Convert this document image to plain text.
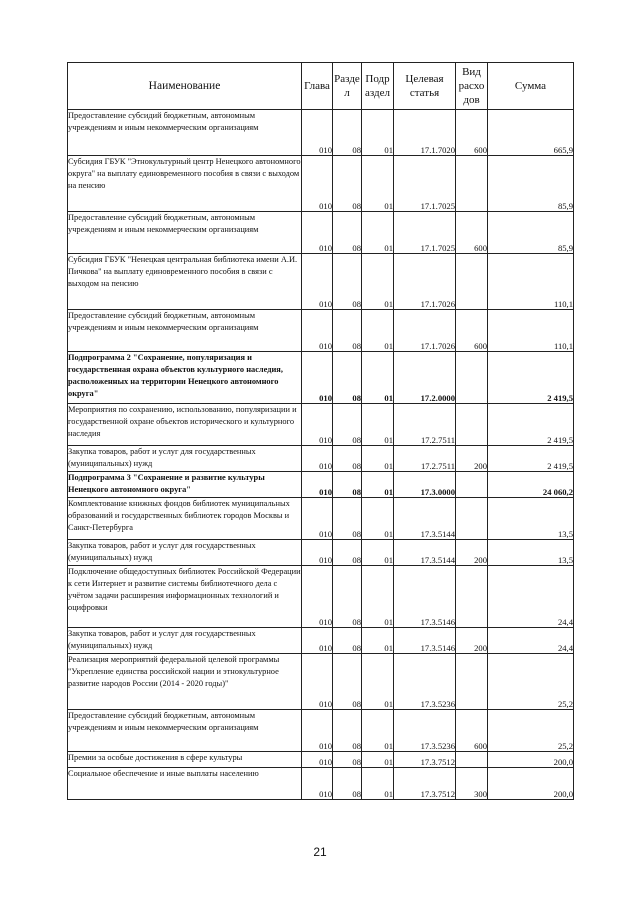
Наименование	Глава	Разде л	Подр аздел	Целевая статья	Вид расхо дов	Сумма
Предоставление субсидий бюджетным, автономным учреждениям и иным некоммерческим организациям	010	08	01	17.1.7020	600	665,9
Субсидия ГБУК "Этнокультурный центр Ненецкого автономного округа" на выплату единовременного пособия в связи с выходом на пенсию	010	08	01	17.1.7025		85,9
Предоставление субсидий бюджетным, автономным учреждениям и иным некоммерческим организациям	010	08	01	17.1.7025	600	85,9
Субсидия ГБУК "Ненецкая центральная библиотека имени А.И. Пичкова" на выплату единовременного пособия в связи с выходом на пенсию	010	08	01	17.1.7026		110,1
Предоставление субсидий бюджетным, автономным учреждениям и иным некоммерческим организациям	010	08	01	17.1.7026	600	110,1
Подпрограмма 2 "Сохранение, популяризация и государственная охрана объектов культурного наследия, расположенных на территории Ненецкого автономного округа"	010	08	01	17.2.0000		2 419,5
Мероприятия по сохранению, использованию, популяризации и государственной охране объектов исторического и культурного наследия	010	08	01	17.2.7511		2 419,5
Закупка товаров, работ и услуг для государственных (муниципальных) нужд	010	08	01	17.2.7511	200	2 419,5
Подпрограмма 3 "Сохранение и развитие культуры Ненецкого автономного округа"	010	08	01	17.3.0000		24 060,2
Комплектование книжных фондов библиотек муниципальных образований и государственных библиотек городов Москвы и Санкт-Петербурга	010	08	01	17.3.5144		13,5
Закупка товаров, работ и услуг для государственных (муниципальных) нужд	010	08	01	17.3.5144	200	13,5
Подключение общедоступных библиотек Российской Федерации к сети Интернет и развитие системы библиотечного дела с учётом задачи расширения информационных технологий и оцифровки	010	08	01	17.3.5146		24,4
Закупка товаров, работ и услуг для государственных (муниципальных) нужд	010	08	01	17.3.5146	200	24,4
Реализация мероприятий федеральной целевой программы "Укрепление единства российской нации и этнокультурное развитие народов России (2014 - 2020 годы)"	010	08	01	17.3.5236		25,2
Предоставление субсидий бюджетным, автономным учреждениям и иным некоммерческим организациям	010	08	01	17.3.5236	600	25,2
Премии за особые достижения в сфере культуры	010	08	01	17.3.7512		200,0
Социальное обеспечение и иные выплаты населению	010	08	01	17.3.7512	300	200,0
21
